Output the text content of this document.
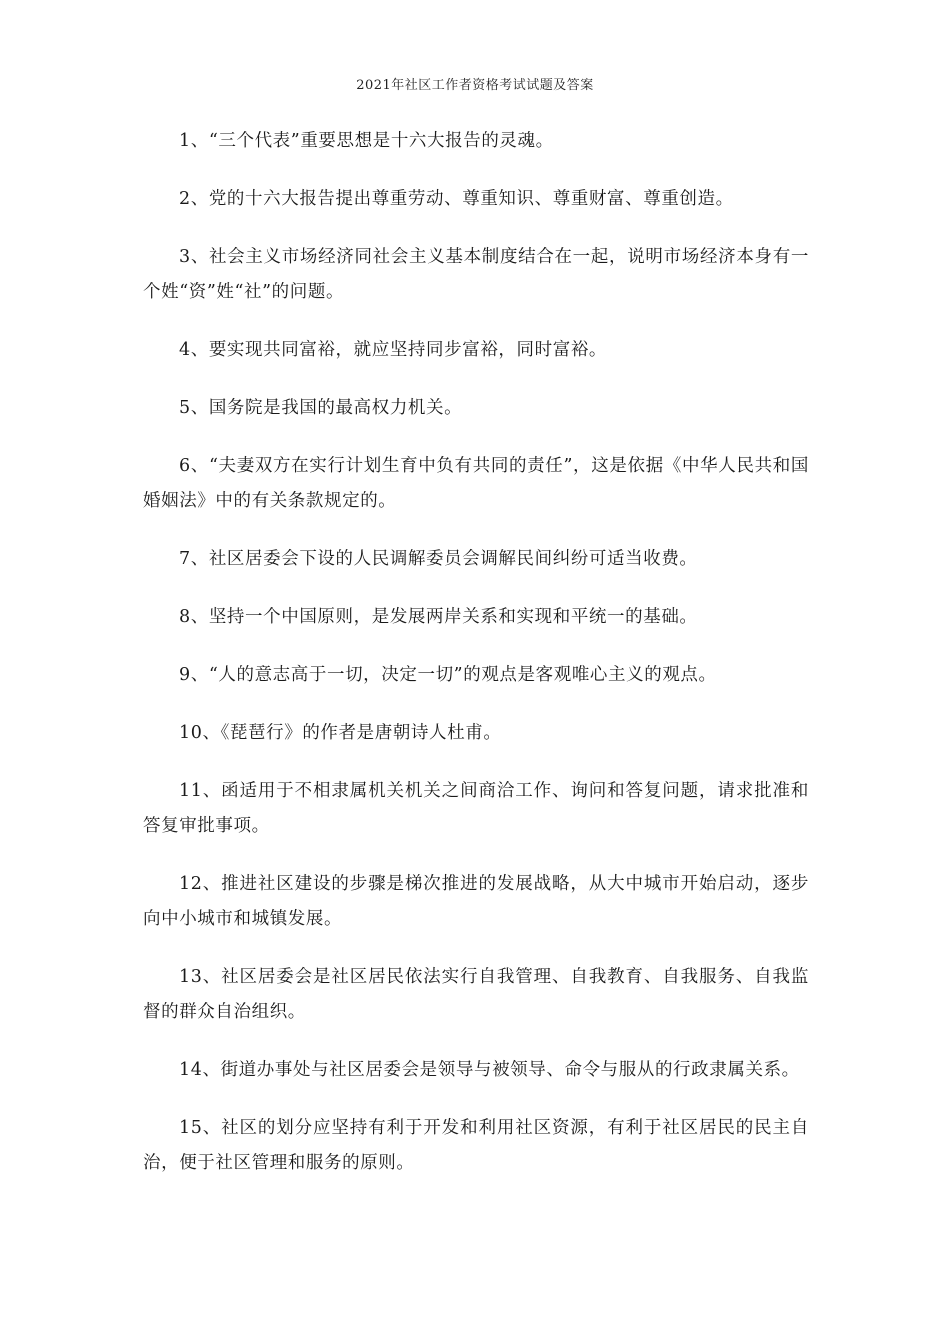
2021年社区工作者资格考试试题及答案

1、“三个代表”重要思想是十六大报告的灵魂。

2、党的十六大报告提出尊重劳动、尊重知识、尊重财富、尊重创造。

3、社会主义市场经济同社会主义基本制度结合在一起，说明市场经济本身有一个姓“资”姓“社”的问题。

4、要实现共同富裕，就应坚持同步富裕，同时富裕。

5、国务院是我国的最高权力机关。

6、“夫妻双方在实行计划生育中负有共同的责任”，这是依据《中华人民共和国婚姻法》中的有关条款规定的。

7、社区居委会下设的人民调解委员会调解民间纠纷可适当收费。

8、坚持一个中国原则，是发展两岸关系和实现和平统一的基础。

9、“人的意志高于一切，决定一切”的观点是客观唯心主义的观点。

10、《琵琶行》的作者是唐朝诗人杜甫。

11、函适用于不相隶属机关机关之间商洽工作、询问和答复问题，请求批准和答复审批事项。

12、推进社区建设的步骤是梯次推进的发展战略，从大中城市开始启动，逐步向中小城市和城镇发展。

13、社区居委会是社区居民依法实行自我管理、自我教育、自我服务、自我监督的群众自治组织。

14、街道办事处与社区居委会是领导与被领导、命令与服从的行政隶属关系。

15、社区的划分应坚持有利于开发和利用社区资源，有利于社区居民的民主自治，便于社区管理和服务的原则。
